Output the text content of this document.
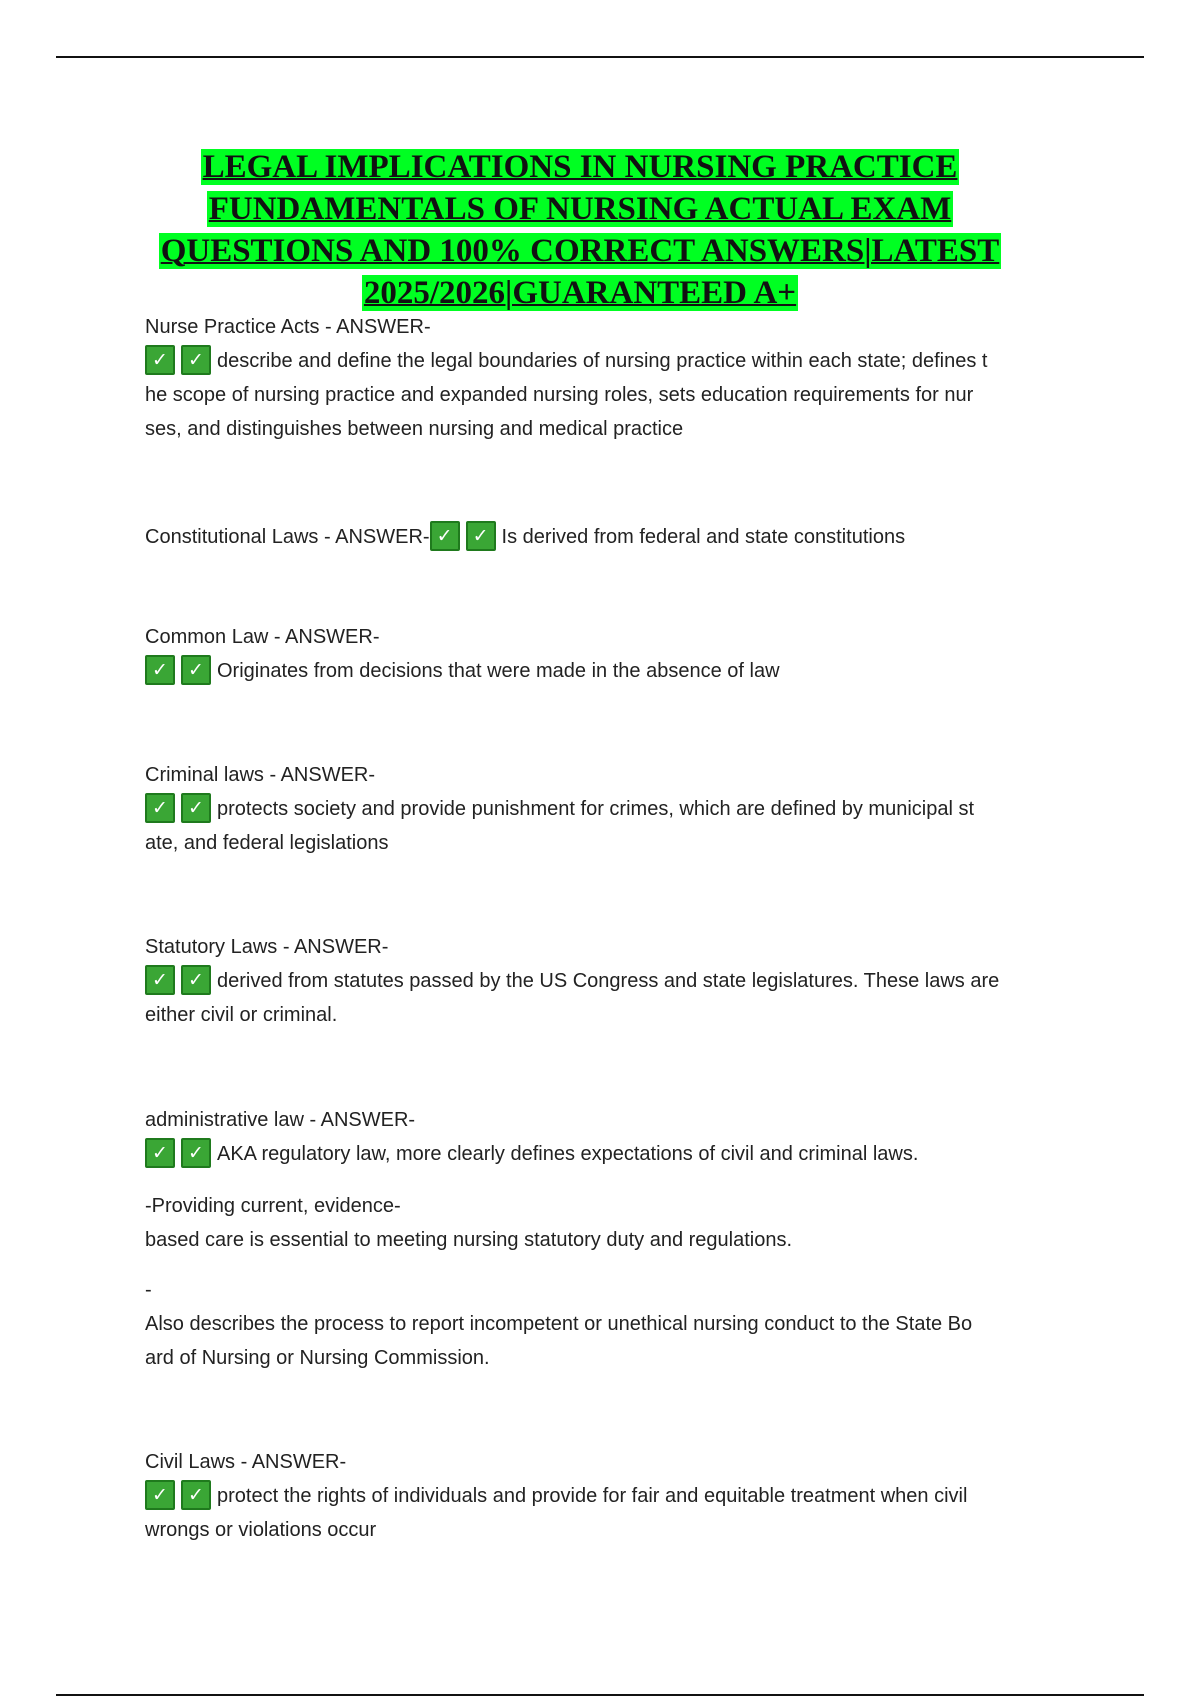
LEGAL IMPLICATIONS IN NURSING PRACTICE FUNDAMENTALS OF NURSING ACTUAL EXAM QUESTIONS AND 100% CORRECT ANSWERS|LATEST 2025/2026|GUARANTEED A+
Nurse Practice Acts - ANSWER-
✓ ✓ describe and define the legal boundaries of nursing practice within each state; defines t
he scope of nursing practice and expanded nursing roles, sets education requirements for nur
ses, and distinguishes between nursing and medical practice
Constitutional Laws - ANSWER- ✓ ✓ Is derived from federal and state constitutions
Common Law - ANSWER-
✓ ✓ Originates from decisions that were made in the absence of law
Criminal laws - ANSWER-
✓ ✓ protects society and provide punishment for crimes, which are defined by municipal st
ate, and federal legislations
Statutory Laws - ANSWER-
✓ ✓ derived from statutes passed by the US Congress and state legislatures. These laws are
either civil or criminal.
administrative law - ANSWER-
✓ ✓ AKA regulatory law, more clearly defines expectations of civil and criminal laws.
-Providing current, evidence-
based care is essential to meeting nursing statutory duty and regulations.
-
Also describes the process to report incompetent or unethical nursing conduct to the State Bo
ard of Nursing or Nursing Commission.
Civil Laws - ANSWER-
✓ ✓ protect the rights of individuals and provide for fair and equitable treatment when civil
wrongs or violations occur
